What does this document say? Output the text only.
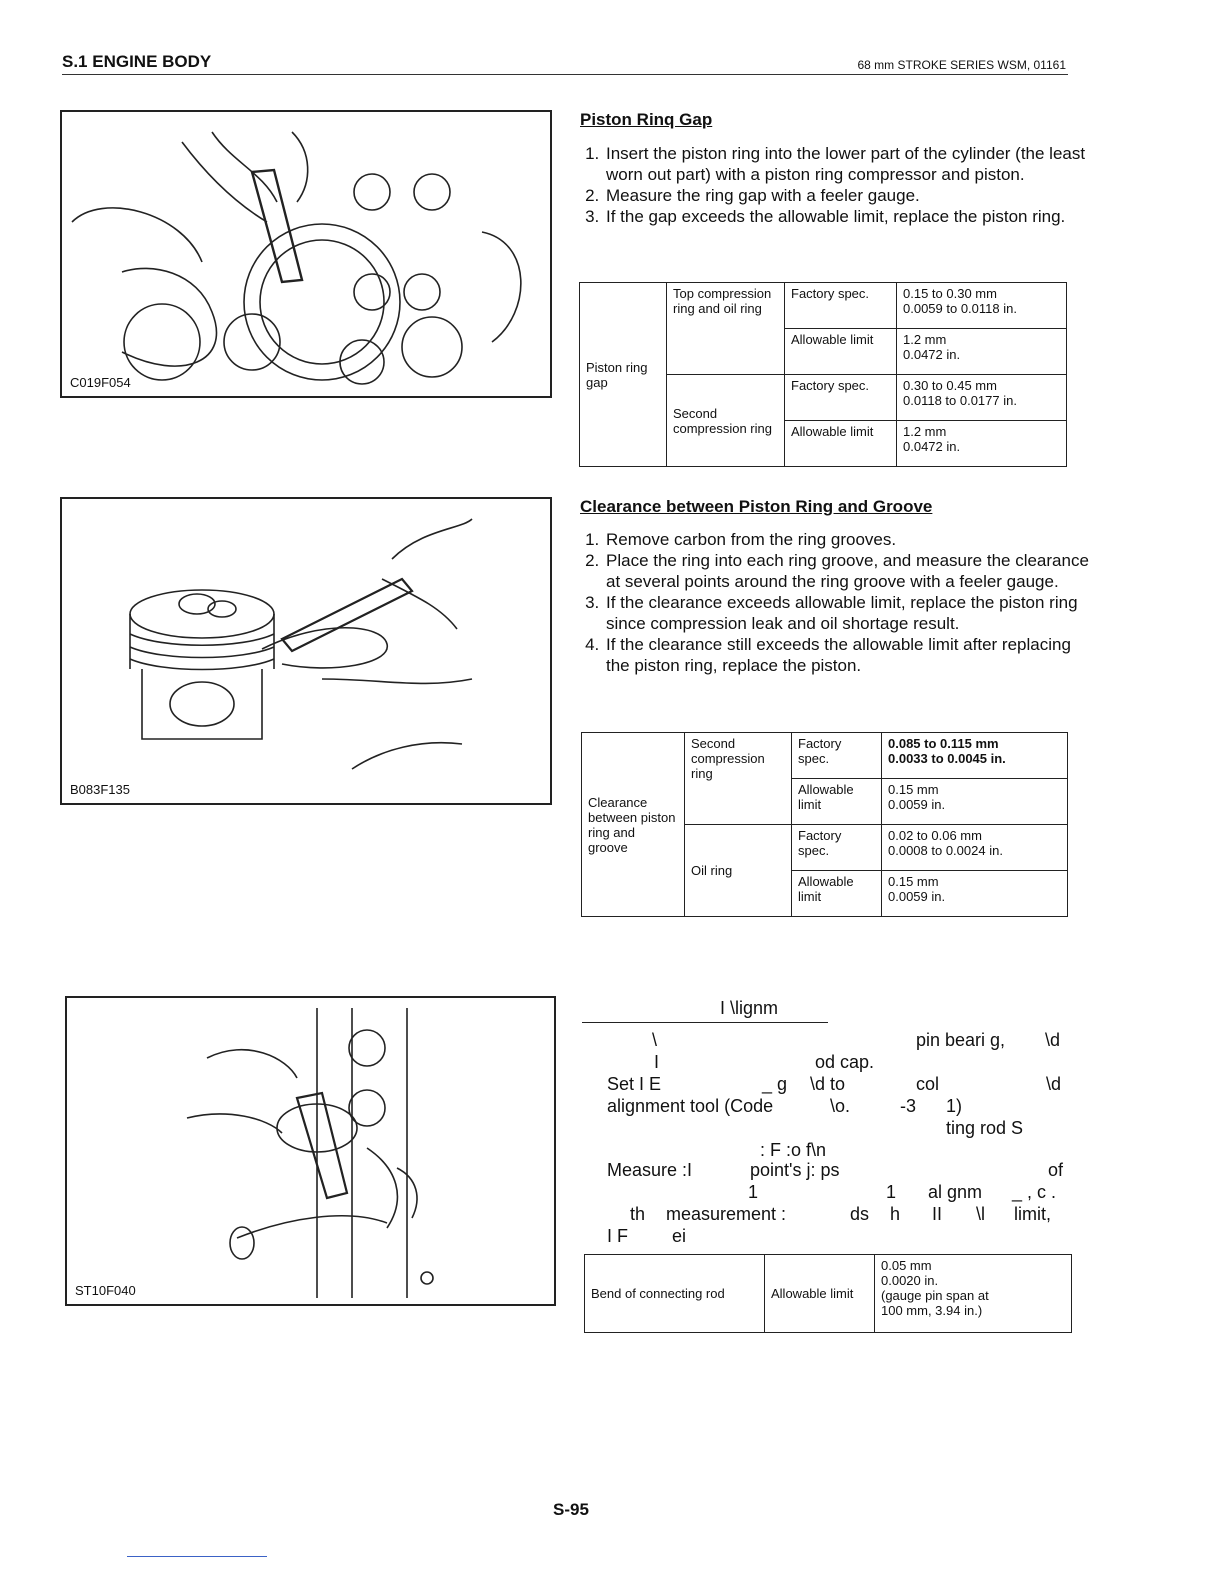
S.1 ENGINE BODY	68 mm STROKE SERIES WSM, 01161
C019F054
B083F135
ST10F040
Piston Rinq Gap
1. Insert the piston ring into the lower part of the cylinder (the least worn out part) with a piston ring compressor and piston.
2. Measure the ring gap with a feeler gauge.
3. If the gap exceeds the allowable limit, replace the piston ring.
Piston ring gap	Top compression ring and oil ring	Factory spec.	0.15 to 0.30 mm
0.0059 to 0.0118 in.
		Allowable limit	1.2 mm
0.0472 in.
	Second compression ring	Factory spec.	0.30 to 0.45 mm
0.0118 to 0.0177 in.
		Allowable limit	1.2 mm
0.0472 in.
Clearance between Piston Ring and Groove
1. Remove carbon from the ring grooves.
2. Place the ring into each ring groove, and measure the clearance at several points around the ring groove with a feeler gauge.
3. If the clearance exceeds allowable limit, replace the piston ring since compression leak and oil shortage result.
4. If the clearance still exceeds the allowable limit after replacing the piston ring, replace the piston.
Clearance between piston ring and groove	Second compression ring	Factory spec.	0.085 to 0.115 mm
0.0033 to 0.0045 in.
		Allowable limit	0.15 mm
0.0059 in.
	Oil ring	Factory spec.	0.02 to 0.06 mm
0.0008 to 0.0024 in.
		Allowable limit	0.15 mm
0.0059 in.
I \lignm
\	pin beari g, \d
I	od cap.
Set I E	_ g \d to	col	\d
alignment tool (Code	\o.	-3 1)
ting rod S
: F :o f\n
Measure :I	point's j: ps	of
1	1 al gnm _ , c .
th measurement :	ds h II \l limit,
I F ei
Bend of connecting rod	Allowable limit	0.05 mm
0.0020 in.
(gauge pin span at
100 mm, 3.94 in.)
S-95
